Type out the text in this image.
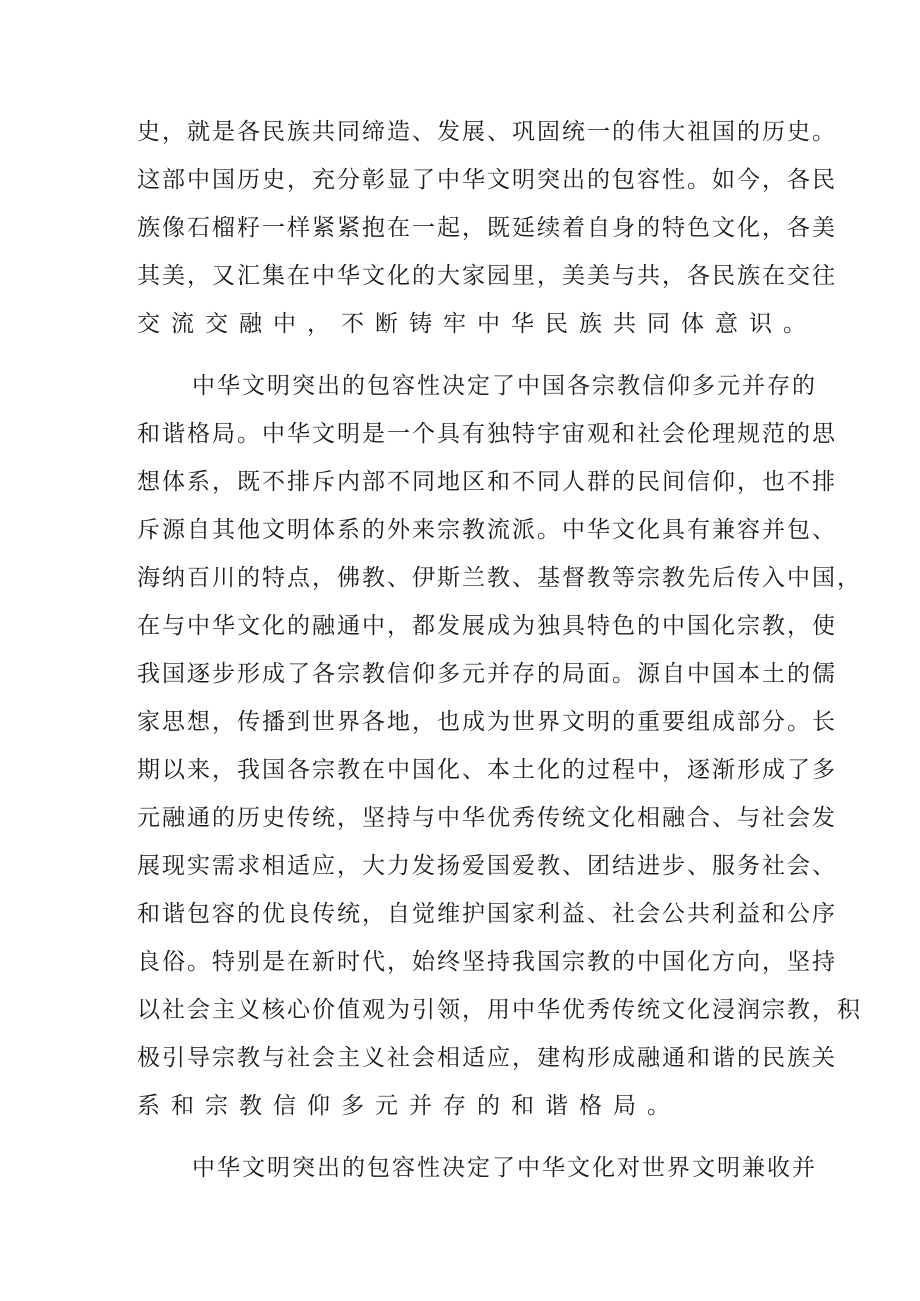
史，就是各民族共同缔造、发展、巩固统一的伟大祖国的历史。
这部中国历史，充分彰显了中华文明突出的包容性。如今，各民
族像石榴籽一样紧紧抱在一起，既延续着自身的特色文化，各美
其美，又汇集在中华文化的大家园里，美美与共，各民族在交往
交流交融中，不断铸牢中华民族共同体意识。
中华文明突出的包容性决定了中国各宗教信仰多元并存的
和谐格局。中华文明是一个具有独特宇宙观和社会伦理规范的思
想体系，既不排斥内部不同地区和不同人群的民间信仰，也不排
斥源自其他文明体系的外来宗教流派。中华文化具有兼容并包、
海纳百川的特点，佛教、伊斯兰教、基督教等宗教先后传入中国，
在与中华文化的融通中，都发展成为独具特色的中国化宗教，使
我国逐步形成了各宗教信仰多元并存的局面。源自中国本土的儒
家思想，传播到世界各地，也成为世界文明的重要组成部分。长
期以来，我国各宗教在中国化、本土化的过程中，逐渐形成了多
元融通的历史传统，坚持与中华优秀传统文化相融合、与社会发
展现实需求相适应，大力发扬爱国爱教、团结进步、服务社会、
和谐包容的优良传统，自觉维护国家利益、社会公共利益和公序
良俗。特别是在新时代，始终坚持我国宗教的中国化方向，坚持
以社会主义核心价值观为引领，用中华优秀传统文化浸润宗教，积
极引导宗教与社会主义社会相适应，建构形成融通和谐的民族关
系和宗教信仰多元并存的和谐格局。
中华文明突出的包容性决定了中华文化对世界文明兼收并
